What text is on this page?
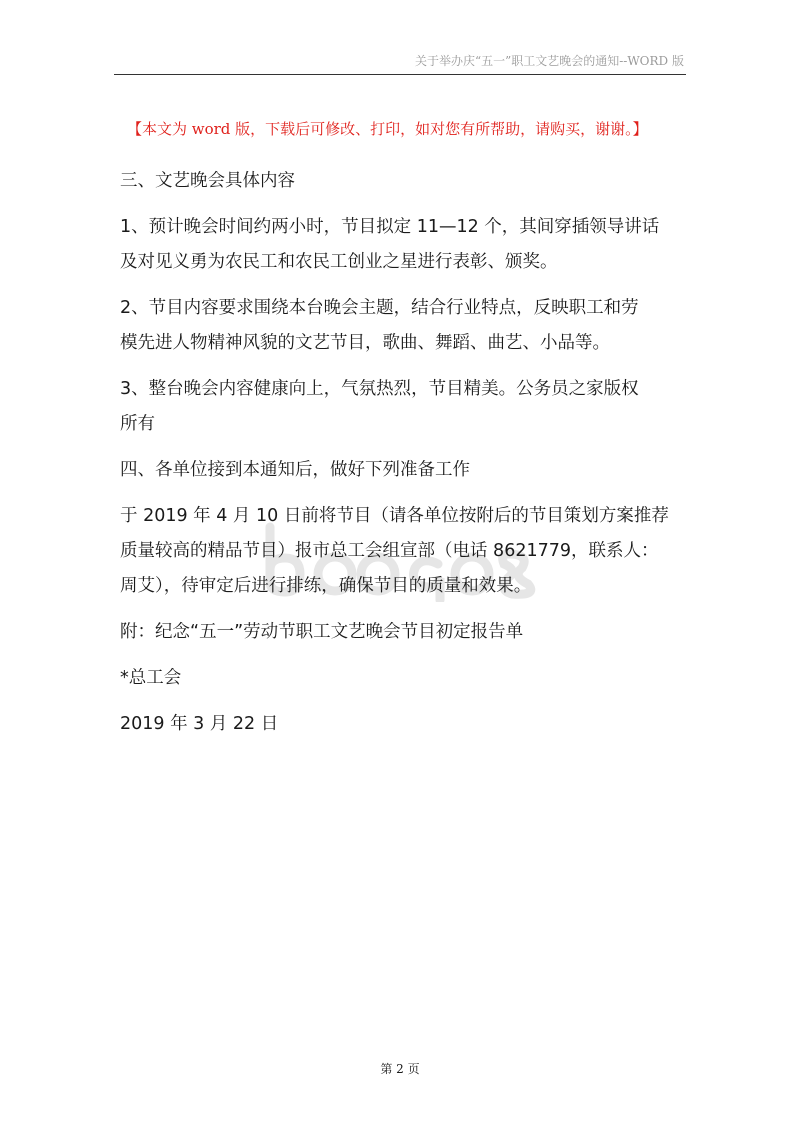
关于举办庆“五一”职工文艺晚会的通知--WORD 版
【本文为 word 版，下载后可修改、打印，如对您有所帮助，请购买，谢谢。】

三、文艺晚会具体内容

1、预计晚会时间约两小时，节目拟定 11—12 个，其间穿插领导讲话

及对见义勇为农民工和农民工创业之星进行表彰、颁奖。

2、节目内容要求围绕本台晚会主题，结合行业特点，反映职工和劳

模先进人物精神风貌的文艺节目，歌曲、舞蹈、曲艺、小品等。

3、整台晚会内容健康向上，气氛热烈，节目精美。公务员之家版权

所有

四、各单位接到本通知后，做好下列准备工作

于 2019 年 4 月 10 日前将节目（请各单位按附后的节目策划方案推荐

质量较高的精品节目）报市总工会组宣部（电话 8621779，联系人：

周艾），待审定后进行排练，确保节目的质量和效果。

附：纪念“五一”劳动节职工文艺晚会节目初定报告单

*总工会

2019 年 3 月 22 日

第 2 页
